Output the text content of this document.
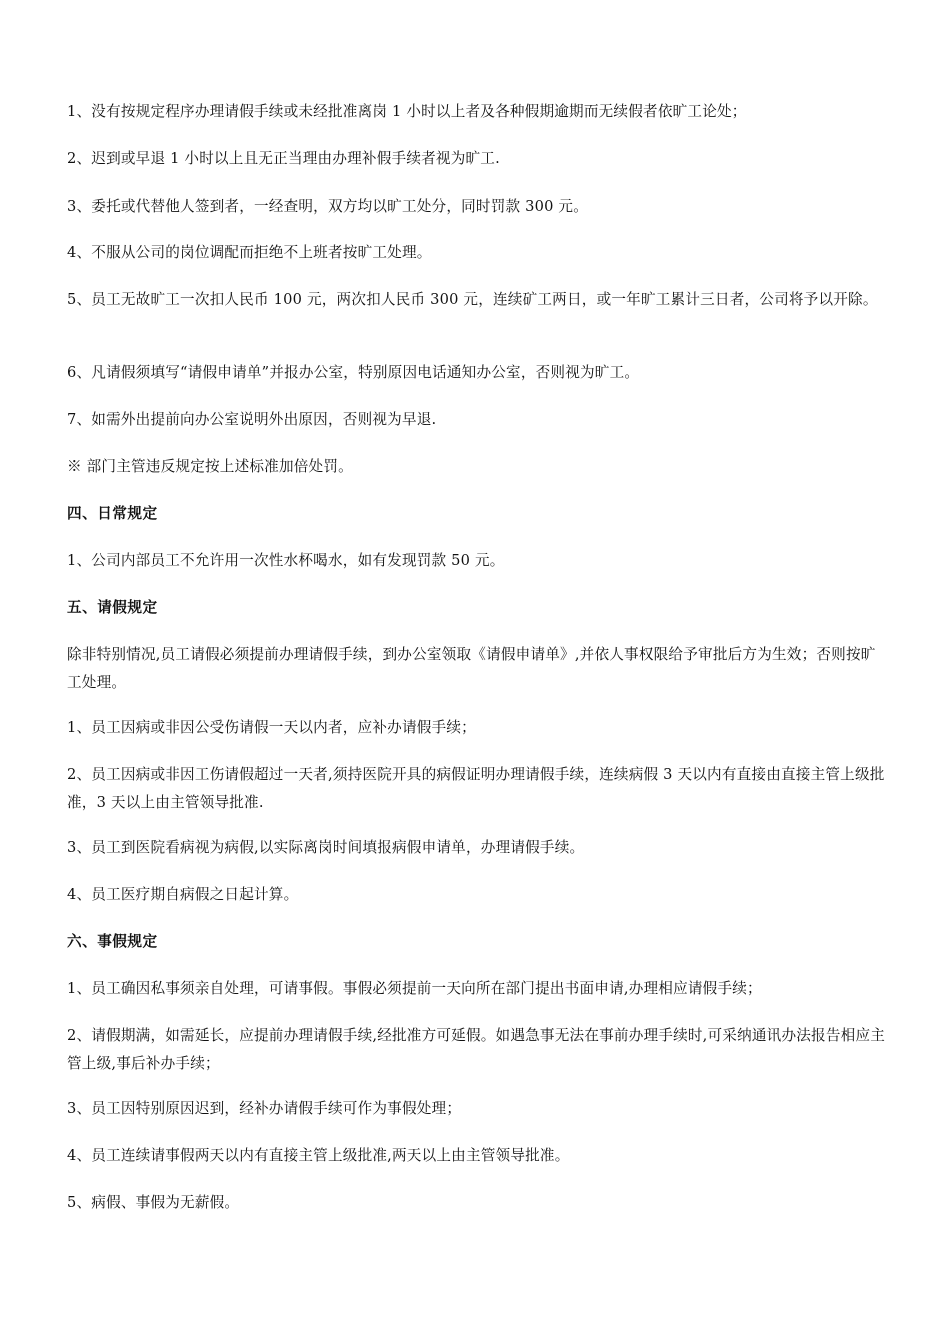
1、没有按规定程序办理请假手续或未经批准离岗 1 小时以上者及各种假期逾期而无续假者依旷工论处；

2、迟到或早退 1 小时以上且无正当理由办理补假手续者视为旷工.

3、委托或代替他人签到者，一经查明，双方均以旷工处分，同时罚款 300 元。

4、不服从公司的岗位调配而拒绝不上班者按旷工处理。

5、员工无故旷工一次扣人民币 100 元，两次扣人民币 300 元，连续矿工两日，或一年旷工累计三日者，公司将予以开除。

6、凡请假须填写“请假申请单”并报办公室，特别原因电话通知办公室，否则视为旷工。

7、如需外出提前向办公室说明外出原因，否则视为早退.

※ 部门主管违反规定按上述标准加倍处罚。

四、日常规定

1、公司内部员工不允许用一次性水杯喝水，如有发现罚款 50 元。

五、请假规定

除非特别情况,员工请假必须提前办理请假手续，到办公室领取《请假申请单》,并依人事权限给予审批后方为生效；否则按旷工处理。

1、员工因病或非因公受伤请假一天以内者，应补办请假手续；

2、员工因病或非因工伤请假超过一天者,须持医院开具的病假证明办理请假手续，连续病假 3 天以内有直接由直接主管上级批准，3 天以上由主管领导批准.

3、员工到医院看病视为病假,以实际离岗时间填报病假申请单，办理请假手续。

4、员工医疗期自病假之日起计算。

六、事假规定

1、员工确因私事须亲自处理，可请事假。事假必须提前一天向所在部门提出书面申请,办理相应请假手续；

2、请假期满，如需延长，应提前办理请假手续,经批准方可延假。如遇急事无法在事前办理手续时,可采纳通讯办法报告相应主管上级,事后补办手续；

3、员工因特别原因迟到，经补办请假手续可作为事假处理；

4、员工连续请事假两天以内有直接主管上级批准,两天以上由主管领导批准。

5、病假、事假为无薪假。
